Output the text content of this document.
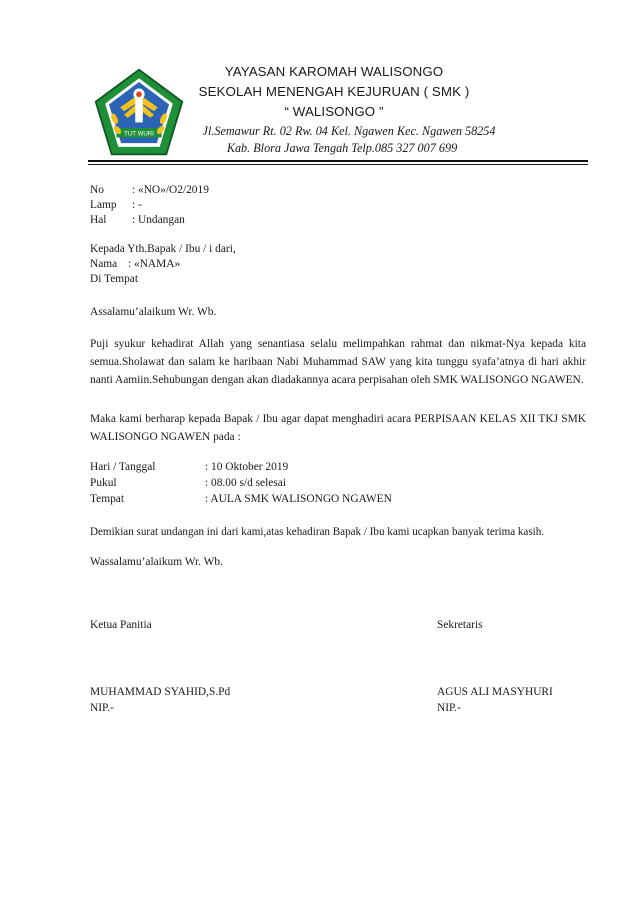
TUT WURI
YAYASAN KAROMAH WALISONGO
SEKOLAH MENENGAH KEJURUAN ( SMK )
“ WALISONGO ”
Jl.Semawur Rt. 02 Rw. 04 Kel. Ngawen Kec. Ngawen 58254
Kab. Blora Jawa Tengah Telp.085 327 007 699
No : «NO»/O2/2019
Lamp : -
Hal : Undangan
Kepada Yth.Bapak / Ibu / i dari,
Nama : «NAMA»
Di Tempat
Assalamu’alaikum Wr. Wb.
Puji syukur kehadirat Allah yang senantiasa selalu melimpahkan rahmat dan nikmat-Nya kepada kita semua.Sholawat dan salam ke haribaan Nabi Muhammad SAW yang kita tunggu syafa’atnya di hari akhir nanti Aamiin.Sehubungan dengan akan diadakannya acara perpisahan oleh SMK WALISONGO NGAWEN.
Maka kami berharap kepada Bapak / Ibu agar dapat menghadiri acara PERPISAAN KELAS XII TKJ SMK WALISONGO NGAWEN pada :
Hari / Tanggal	: 10 Oktober 2019
Pukul	: 08.00 s/d selesai
Tempat	: AULA SMK WALISONGO NGAWEN
Demikian surat undangan ini dari kami,atas kehadiran Bapak / Ibu kami ucapkan banyak terima kasih.
Wassalamu’alaikum Wr. Wb.
Ketua Panitia	Sekretaris
MUHAMMAD SYAHID,S.Pd	AGUS ALI MASYHURI
NIP.-	NIP.-
